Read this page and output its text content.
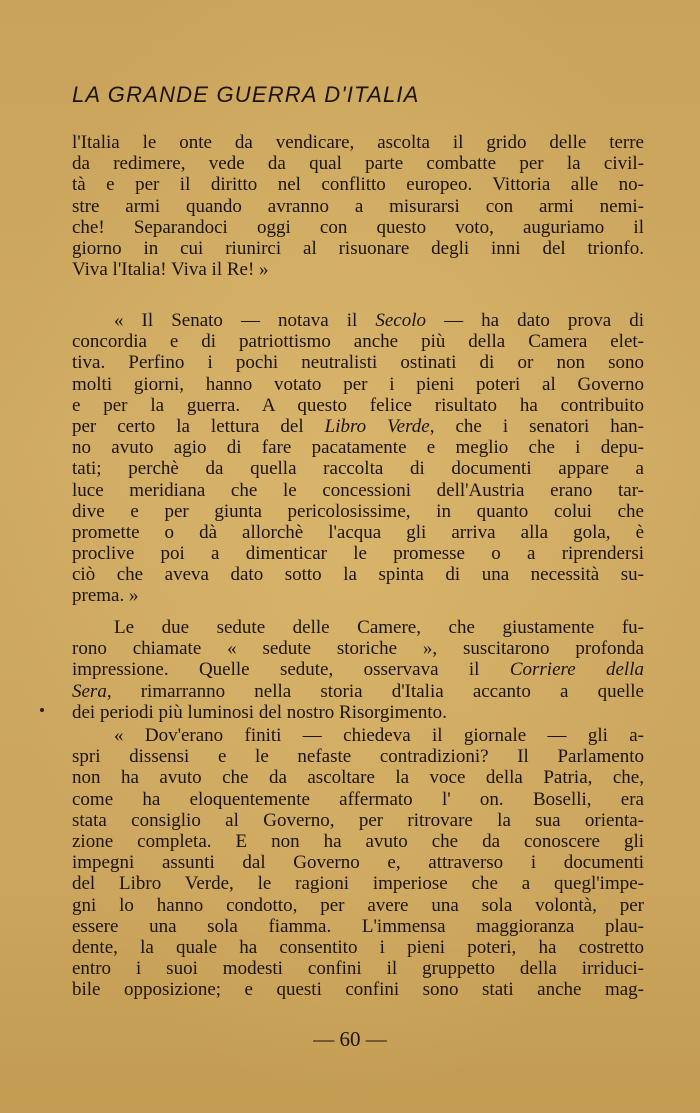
LA GRANDE GUERRA D'ITALIA
l'Italia le onte da vendicare, ascolta il grido delle terre
da redimere, vede da qual parte combatte per la civil-
tà e per il diritto nel conflitto europeo. Vittoria alle no-
stre armi quando avranno a misurarsi con armi nemi-
che! Separandoci oggi con questo voto, auguriamo il
giorno in cui riunirci al risuonare degli inni del trionfo.
Viva l'Italia! Viva il Re! »
« Il Senato — notava il Secolo — ha dato prova di
concordia e di patriottismo anche più della Camera elet-
tiva. Perfino i pochi neutralisti ostinati di or non sono
molti giorni, hanno votato per i pieni poteri al Governo
e per la guerra. A questo felice risultato ha contribuito
per certo la lettura del Libro Verde, che i senatori han-
no avuto agio di fare pacatamente e meglio che i depu-
tati; perchè da quella raccolta di documenti appare a
luce meridiana che le concessioni dell'Austria erano tar-
dive e per giunta pericolosissime, in quanto colui che
promette o dà allorchè l'acqua gli arriva alla gola, è
proclive poi a dimenticar le promesse o a riprendersi
ciò che aveva dato sotto la spinta di una necessità su-
prema. »
Le due sedute delle Camere, che giustamente fu-
rono chiamate « sedute storiche », suscitarono profonda
impressione. Quelle sedute, osservava il Corriere della
Sera, rimarranno nella storia d'Italia accanto a quelle
dei periodi più luminosi del nostro Risorgimento.
« Dov'erano finiti — chiedeva il giornale — gli a-
spri dissensi e le nefaste contradizioni? Il Parlamento
non ha avuto che da ascoltare la voce della Patria, che,
come ha eloquentemente affermato l' on. Boselli, era
stata consiglio al Governo, per ritrovare la sua orienta-
zione completa. E non ha avuto che da conoscere gli
impegni assunti dal Governo e, attraverso i documenti
del Libro Verde, le ragioni imperiose che a quegl'impe-
gni lo hanno condotto, per avere una sola volontà, per
essere una sola fiamma. L'immensa maggioranza plau-
dente, la quale ha consentito i pieni poteri, ha costretto
entro i suoi modesti confini il gruppetto della irriduci-
bile opposizione; e questi confini sono stati anche mag-

— 60 —
